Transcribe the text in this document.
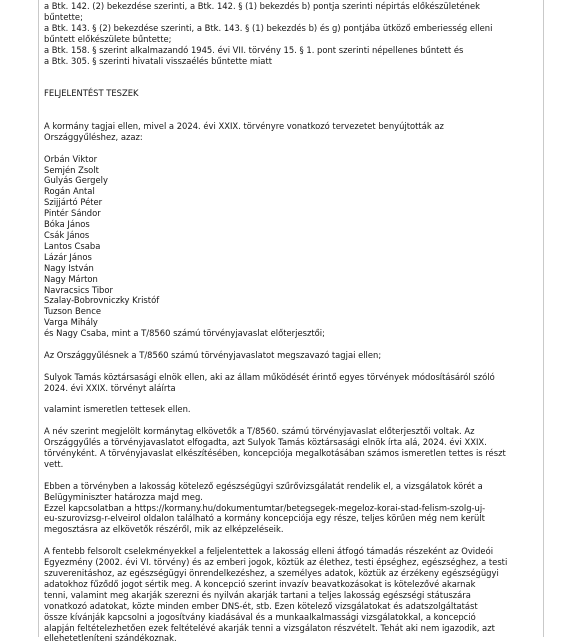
a Btk. 142. (2) bekezdése szerinti, a Btk. 142. § (1) bekezdés b) pontja szerinti népirtás előkészületének

bűntette;

a Btk. 143. § (2) bekezdése szerinti, a Btk. 143. § (1) bekezdés b) és g) pontjába ütköző emberiesség elleni

bűntett előkészülete bűntette;

a Btk. 158. § szerint alkalmazandó 1945. évi VII. törvény 15. § 1. pont szerinti népellenes bűntett és

a Btk. 305. § szerinti hivatali visszaélés bűntette miatt

FELJELENTÉST TESZEK

A kormány tagjai ellen, mivel a 2024. évi XXIX. törvényre vonatkozó tervezetet benyújtották az

Országgyűléshez, azaz:

Orbán Viktor

Semjén Zsolt

Gulyás Gergely

Rogán Antal

Szijjártó Péter

Pintér Sándor

Bóka János

Csák János

Lantos Csaba

Lázár János

Nagy István

Nagy Márton

Navracsics Tibor

Szalay-Bobrovniczky Kristóf

Tuzson Bence

Varga Mihály

és Nagy Csaba, mint a T/8560 számú törvényjavaslat előterjesztői;

Az Országgyűlésnek a T/8560 számú törvényjavaslatot megszavazó tagjai ellen;

Sulyok Tamás köztársasági elnök ellen, aki az állam működését érintő egyes törvények módosításáról szóló

2024. évi XXIX. törvényt aláírta

valamint ismeretlen tettesek ellen.

A név szerint megjelölt kormánytag elkövetők a T/8560. számú törvényjavaslat előterjesztői voltak. Az

Országgyűlés a törvényjavaslatot elfogadta, azt Sulyok Tamás köztársasági elnök írta alá, 2024. évi XXIX.

törvényként. A törvényjavaslat elkészítésében, koncepciója megalkotásában számos ismeretlen tettes is részt

vett.

Ebben a törvényben a lakosság kötelező egészségügyi szűrővizsgálatát rendelik el, a vizsgálatok körét a

Belügyminiszter határozza majd meg.

Ezzel kapcsolatban a https://kormany.hu/dokumentumtar/betegsegek-megeloz-korai-stad-felism-szolg-uj-

eu-szurovizsg-r-elveirol oldalon található a kormány koncepciója egy része, teljes körűen még nem került

megosztásra az elkövetők részéről, mik az elképzeléseik.

A fentebb felsorolt cselekményekkel a feljelentettek a lakosság elleni átfogó támadás részeként az Ovideói

Egyezmény (2002. évi VI. törvény) és az emberi jogok, köztük az élethez, testi épséghez, egészséghez, a testi

szuverenitáshoz, az egészségügyi önrendelkezéshez, a személyes adatok, köztük az érzékeny egészségügyi

adatokhoz fűződő jogot sértik meg. A koncepció szerint invazív beavatkozásokat is kötelezővé akarnak

tenni, valamint meg akarják szerezni és nyilván akarják tartani a teljes lakosság egészségi státuszára

vonatkozó adatokat, közte minden ember DNS-ét, stb. Ezen kötelező vizsgálatokat és adatszolgáltatást

össze kívánják kapcsolni a jogosítvány kiadásával és a munkaalkalmassági vizsgálatokkal, a koncepció

alapján feltételezhetően ezek feltételévé akarják tenni a vizsgálaton részvételt. Tehát aki nem igazodik, azt

ellehetetleníteni szándékoznak.
